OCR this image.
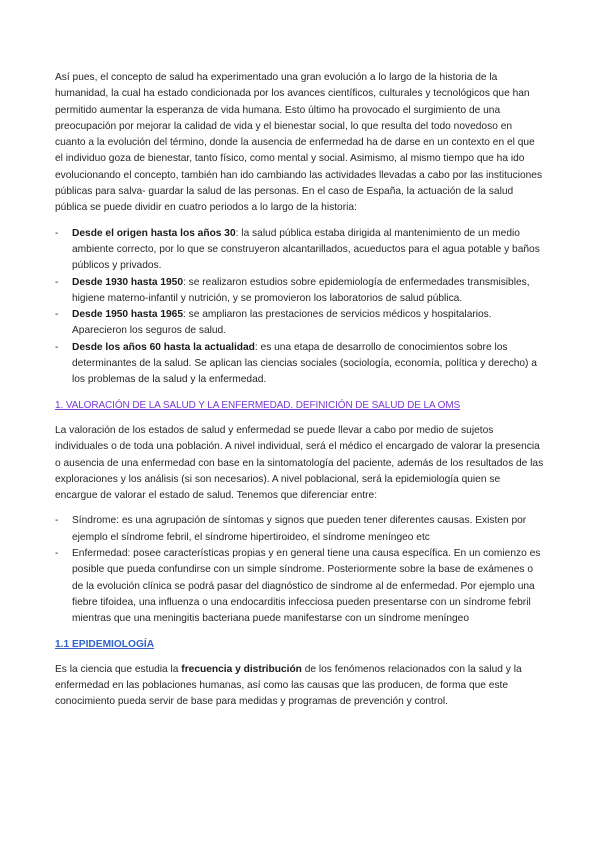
Así pues, el concepto de salud ha experimentado una gran evolución a lo largo de la historia de la humanidad, la cual ha estado condicionada por los avances científicos, culturales y tecnológicos que han permitido aumentar la esperanza de vida humana. Esto último ha provocado el surgimiento de una preocupación por mejorar la calidad de vida y el bienestar social, lo que resulta del todo novedoso en cuanto a la evolución del término, donde la ausencia de enfermedad ha de darse en un contexto en el que el individuo goza de bienestar, tanto físico, como mental y social. Asimismo, al mismo tiempo que ha ido evolucionando el concepto, también han ido cambiando las actividades llevadas a cabo por las instituciones públicas para salva- guardar la salud de las personas. En el caso de España, la actuación de la salud pública se puede dividir en cuatro periodos a lo largo de la historia:

- Desde el origen hasta los años 30: la salud pública estaba dirigida al mantenimiento de un medio ambiente correcto, por lo que se construyeron alcantarillados, acueductos para el agua potable y baños públicos y privados.
- Desde 1930 hasta 1950: se realizaron estudios sobre epidemiología de enfermedades transmisibles, higiene materno-infantil y nutrición, y se promovieron los laboratorios de salud pública.
- Desde 1950 hasta 1965: se ampliaron las prestaciones de servicios médicos y hospitalarios. Aparecieron los seguros de salud.
- Desde los años 60 hasta la actualidad: es una etapa de desarrollo de conocimientos sobre los determinantes de la salud. Se aplican las ciencias sociales (sociología, economía, política y derecho) a los problemas de la salud y la enfermedad.

1. VALORACIÓN DE LA SALUD Y LA ENFERMEDAD. DEFINICIÓN DE SALUD DE LA OMS

La valoración de los estados de salud y enfermedad se puede llevar a cabo por medio de sujetos individuales o de toda una población. A nivel individual, será el médico el encargado de valorar la presencia o ausencia de una enfermedad con base en la sintomatología del paciente, además de los resultados de las exploraciones y los análisis (si son necesarios). A nivel poblacional, será la epidemiología quien se encargue de valorar el estado de salud. Tenemos que diferenciar entre:

- Síndrome: es una agrupación de síntomas y signos que pueden tener diferentes causas. Existen por ejemplo el síndrome febril, el síndrome hipertiroideo, el síndrome meníngeo etc
- Enfermedad: posee características propias y en general tiene una causa específica. En un comienzo es posible que pueda confundirse con un simple síndrome. Posteriormente sobre la base de exámenes o de la evolución clínica se podrá pasar del diagnóstico de síndrome al de enfermedad. Por ejemplo una fiebre tifoidea, una influenza o una endocarditis infecciosa pueden presentarse con un síndrome febril mientras que una meningitis bacteriana puede manifestarse con un síndrome meníngeo

1.1 EPIDEMIOLOGÍA

Es la ciencia que estudia la frecuencia y distribución de los fenómenos relacionados con la salud y la enfermedad en las poblaciones humanas, así como las causas que las producen, de forma que este conocimiento pueda servir de base para medidas y programas de prevención y control.
